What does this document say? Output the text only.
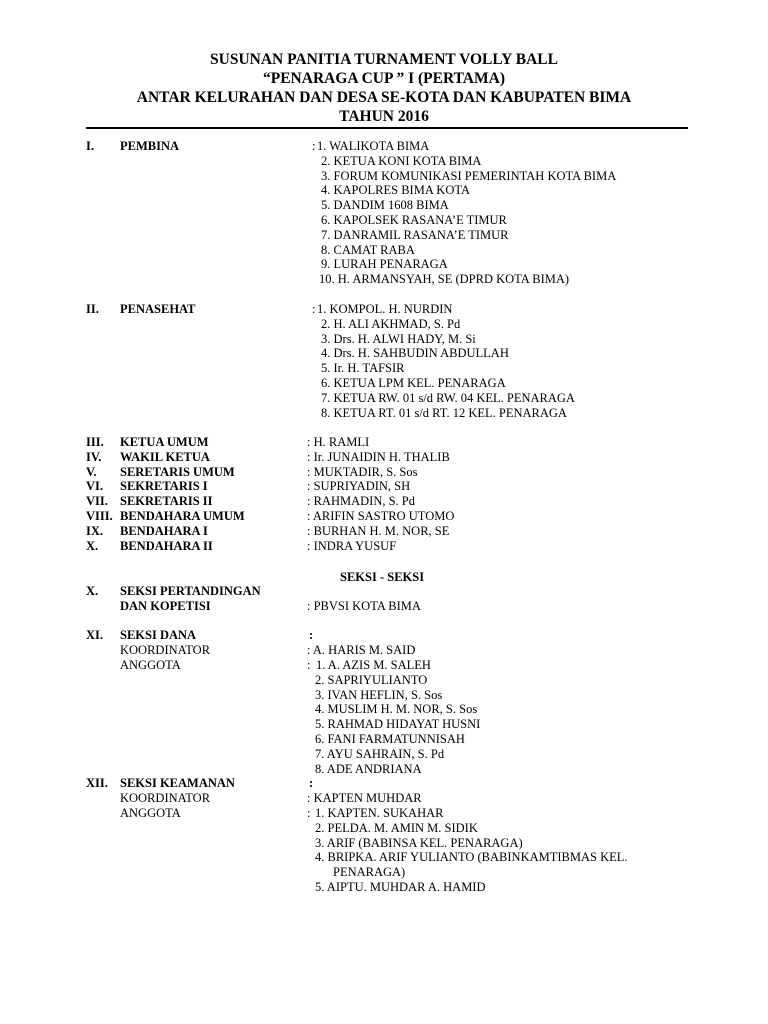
SUSUNAN PANITIA TURNAMENT VOLLY BALL
“PENARAGA CUP ” I (PERTAMA)
ANTAR KELURAHAN DAN DESA SE-KOTA DAN KABUPATEN BIMA
TAHUN 2016
I. PEMBINA	: 1. WALIKOTA BIMA
2. KETUA KONI KOTA BIMA
3. FORUM KOMUNIKASI PEMERINTAH KOTA BIMA
4. KAPOLRES BIMA KOTA
5. DANDIM 1608 BIMA
6. KAPOLSEK RASANA’E TIMUR
7. DANRAMIL RASANA’E TIMUR
8. CAMAT RABA
9. LURAH PENARAGA
10. H. ARMANSYAH, SE (DPRD KOTA BIMA)
II. PENASEHAT	: 1. KOMPOL. H. NURDIN
2. H. ALI AKHMAD, S. Pd
3. Drs. H. ALWI HADY, M. Si
4. Drs. H. SAHBUDIN ABDULLAH
5. Ir. H. TAFSIR
6. KETUA LPM KEL. PENARAGA
7. KETUA RW. 01 s/d RW. 04 KEL. PENARAGA
8. KETUA RT. 01 s/d RT. 12 KEL. PENARAGA
III. KETUA UMUM	: H. RAMLI
IV. WAKIL KETUA	: Ir. JUNAIDIN H. THALIB
V. SERETARIS UMUM	: MUKTADIR, S. Sos
VI. SEKRETARIS I	: SUPRIYADIN, SH
VII. SEKRETARIS II	: RAHMADIN, S. Pd
VIII. BENDAHARA UMUM	: ARIFIN SASTRO UTOMO
IX. BENDAHARA I	: BURHAN H. M. NOR, SE
X. BENDAHARA II	: INDRA YUSUF
SEKSI - SEKSI
X. SEKSI PERTANDINGAN
DAN KOPETISI	: PBVSI KOTA BIMA
XI. SEKSI DANA	:
KOORDINATOR	: A. HARIS M. SAID
ANGGOTA	: 1. A. AZIS M. SALEH
2. SAPRIYULIANTO
3. IVAN HEFLIN, S. Sos
4. MUSLIM H. M. NOR, S. Sos
5. RAHMAD HIDAYAT HUSNI
6. FANI FARMATUNNISAH
7. AYU SAHRAIN, S. Pd
8. ADE ANDRIANA
XII. SEKSI KEAMANAN	:
KOORDINATOR	: KAPTEN MUHDAR
ANGGOTA	: 1. KAPTEN. SUKAHAR
2. PELDA. M. AMIN M. SIDIK
3. ARIF (BABINSA KEL. PENARAGA)
4. BRIPKA. ARIF YULIANTO (BABINKAMTIBMAS KEL.
PENARAGA)
5. AIPTU. MUHDAR A. HAMID
